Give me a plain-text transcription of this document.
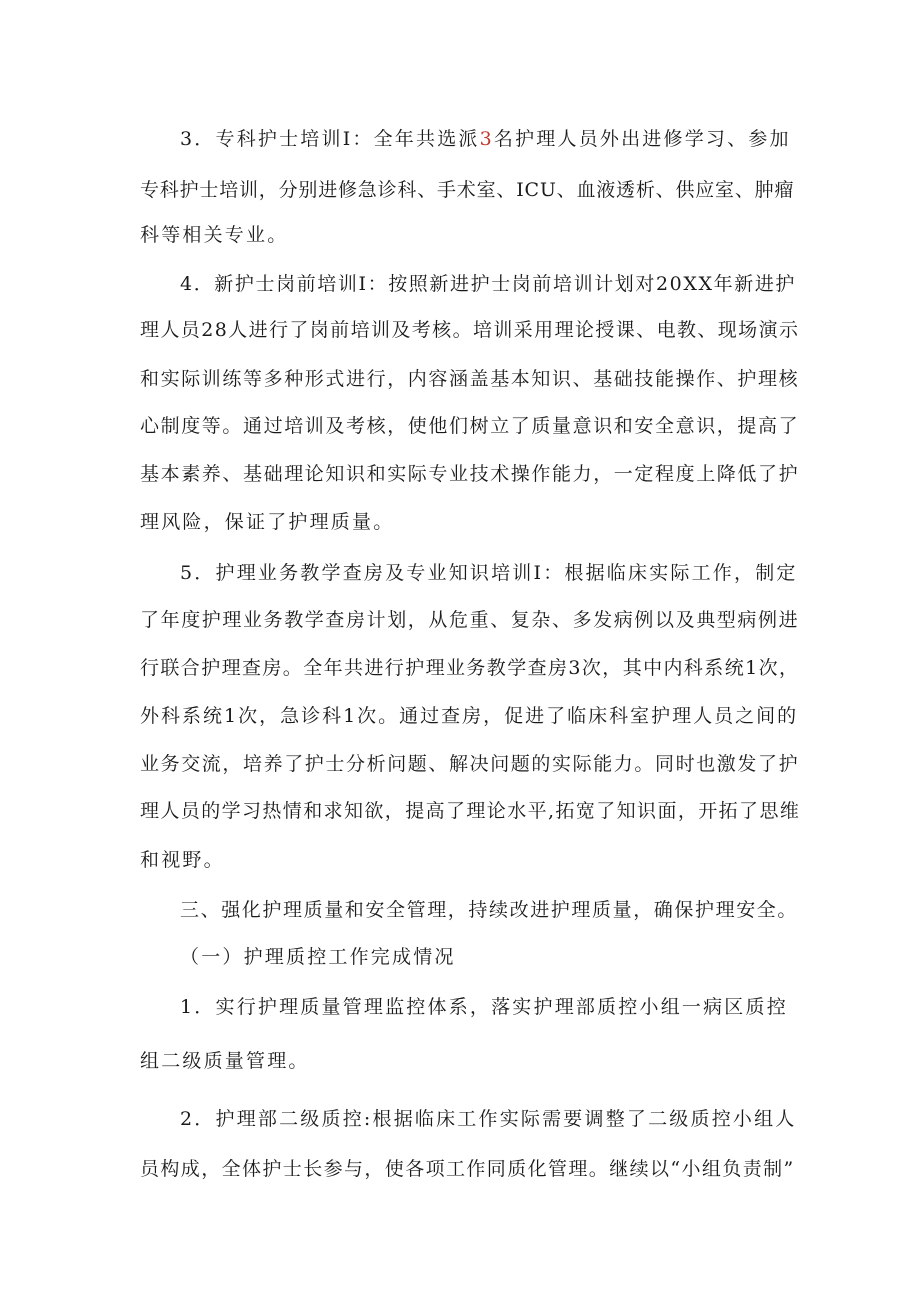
3．专科护士培训Ⅰ：全年共选派3名护理人员外出进修学习、参加
专科护士培训，分别进修急诊科、手术室、ICU、血液透析、供应室、肿瘤
科等相关专业。
4．新护士岗前培训Ⅰ：按照新进护士岗前培训计划对20XX年新进护
理人员28人进行了岗前培训及考核。培训采用理论授课、电教、现场演示
和实际训练等多种形式进行，内容涵盖基本知识、基础技能操作、护理核
心制度等。通过培训及考核，使他们树立了质量意识和安全意识，提高了
基本素养、基础理论知识和实际专业技术操作能力，一定程度上降低了护
理风险，保证了护理质量。
5．护理业务教学查房及专业知识培训Ⅰ：根据临床实际工作，制定
了年度护理业务教学查房计划，从危重、复杂、多发病例以及典型病例进
行联合护理查房。全年共进行护理业务教学查房3次，其中内科系统1次，
外科系统1次，急诊科1次。通过查房，促进了临床科室护理人员之间的
业务交流，培养了护士分析问题、解决问题的实际能力。同时也激发了护
理人员的学习热情和求知欲，提高了理论水平,拓宽了知识面，开拓了思维
和视野。
三、强化护理质量和安全管理，持续改进护理质量，确保护理安全。
（一）护理质控工作完成情况
1．实行护理质量管理监控体系，落实护理部质控小组一病区质控
组二级质量管理。
2．护理部二级质控:根据临床工作实际需要调整了二级质控小组人
员构成，全体护士长参与，使各项工作同质化管理。继续以“小组负责制”
